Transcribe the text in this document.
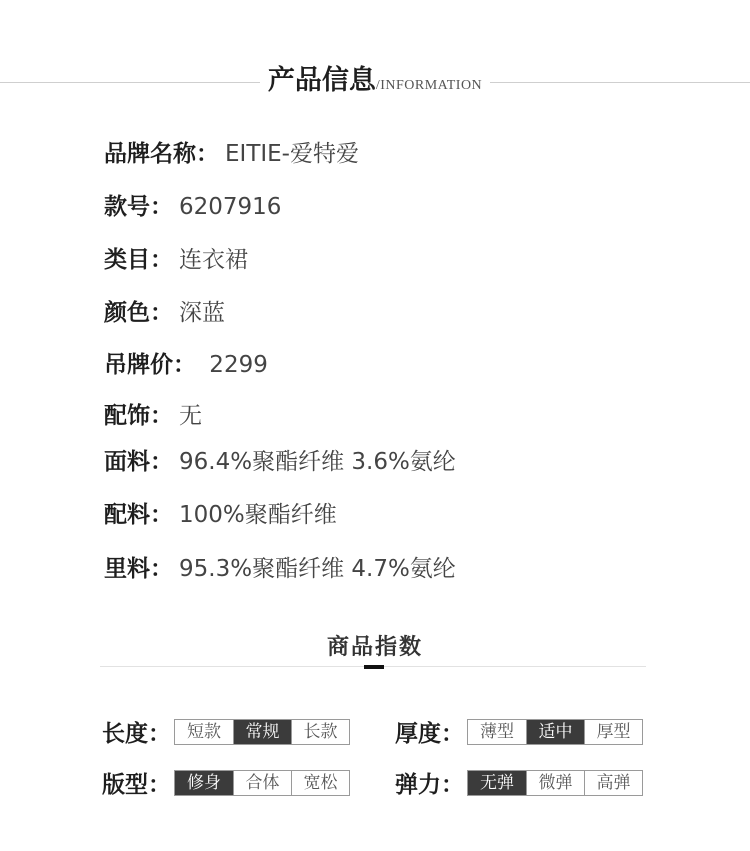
产品信息/INFORMATION
品牌名称： EITIE-爱特爱
款号： 6207916
类目： 连衣裙
颜色： 深蓝
吊牌价： 2299
配饰： 无
面料： 96.4%聚酯纤维 3.6%氨纶
配料： 100%聚酯纤维
里料： 95.3%聚酯纤维 4.7%氨纶
商品指数
长度： 短款	常规	长款	厚度： 薄型	适中	厚型
版型： 修身	合体	宽松	弹力： 无弹	微弹	高弹
